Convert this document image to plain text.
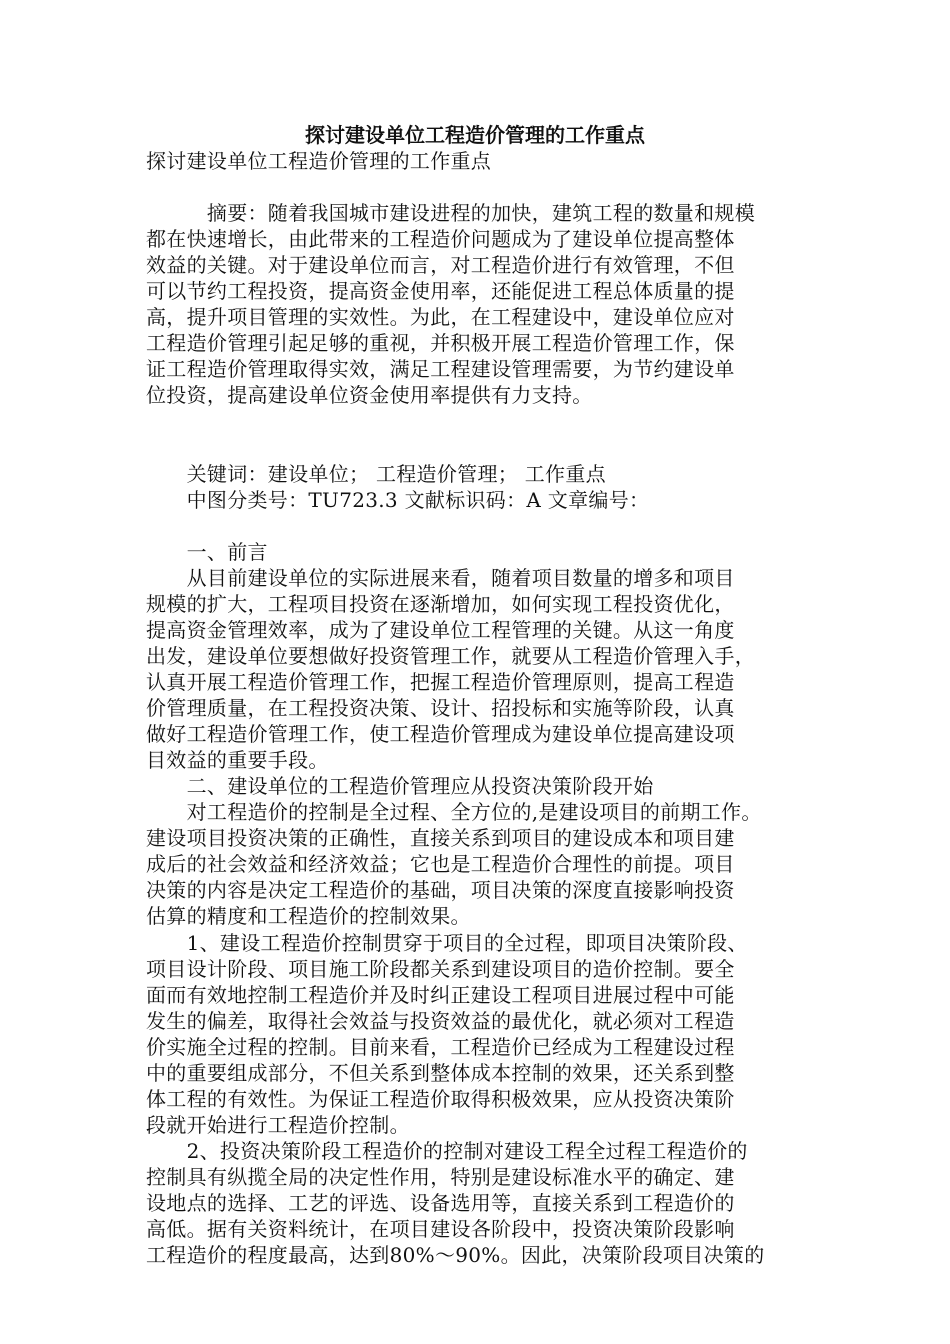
探讨建设单位工程造价管理的工作重点
探讨建设单位工程造价管理的工作重点
　　　摘要：随着我国城市建设进程的加快，建筑工程的数量和规模
都在快速增长，由此带来的工程造价问题成为了建设单位提高整体
效益的关键。对于建设单位而言，对工程造价进行有效管理，不但
可以节约工程投资，提高资金使用率，还能促进工程总体质量的提
高，提升项目管理的实效性。为此，在工程建设中，建设单位应对
工程造价管理引起足够的重视，并积极开展工程造价管理工作，保
证工程造价管理取得实效，满足工程建设管理需要，为节约建设单
位投资，提高建设单位资金使用率提供有力支持。
　　关键词：建设单位； 工程造价管理； 工作重点
　　中图分类号：TU723.3 文献标识码：A 文章编号：
　　一、前言
　　从目前建设单位的实际进展来看，随着项目数量的增多和项目
规模的扩大，工程项目投资在逐渐增加，如何实现工程投资优化，
提高资金管理效率，成为了建设单位工程管理的关键。从这一角度
出发，建设单位要想做好投资管理工作，就要从工程造价管理入手，
认真开展工程造价管理工作，把握工程造价管理原则，提高工程造
价管理质量，在工程投资决策、设计、招投标和实施等阶段，认真
做好工程造价管理工作，使工程造价管理成为建设单位提高建设项
目效益的重要手段。
　　二、建设单位的工程造价管理应从投资决策阶段开始
　　对工程造价的控制是全过程、全方位的,是建设项目的前期工作。
建设项目投资决策的正确性，直接关系到项目的建设成本和项目建
成后的社会效益和经济效益；它也是工程造价合理性的前提。项目
决策的内容是决定工程造价的基础，项目决策的深度直接影响投资
估算的精度和工程造价的控制效果。
　　1、建设工程造价控制贯穿于项目的全过程，即项目决策阶段、
项目设计阶段、项目施工阶段都关系到建设项目的造价控制。要全
面而有效地控制工程造价并及时纠正建设工程项目进展过程中可能
发生的偏差，取得社会效益与投资效益的最优化，就必须对工程造
价实施全过程的控制。目前来看，工程造价已经成为工程建设过程
中的重要组成部分，不但关系到整体成本控制的效果，还关系到整
体工程的有效性。为保证工程造价取得积极效果，应从投资决策阶
段就开始进行工程造价控制。
　　2、投资决策阶段工程造价的控制对建设工程全过程工程造价的
控制具有纵揽全局的决定性作用，特别是建设标准水平的确定、建
设地点的选择、工艺的评选、设备选用等，直接关系到工程造价的
高低。据有关资料统计，在项目建设各阶段中，投资决策阶段影响
工程造价的程度最高，达到80%～90%。因此，决策阶段项目决策的
